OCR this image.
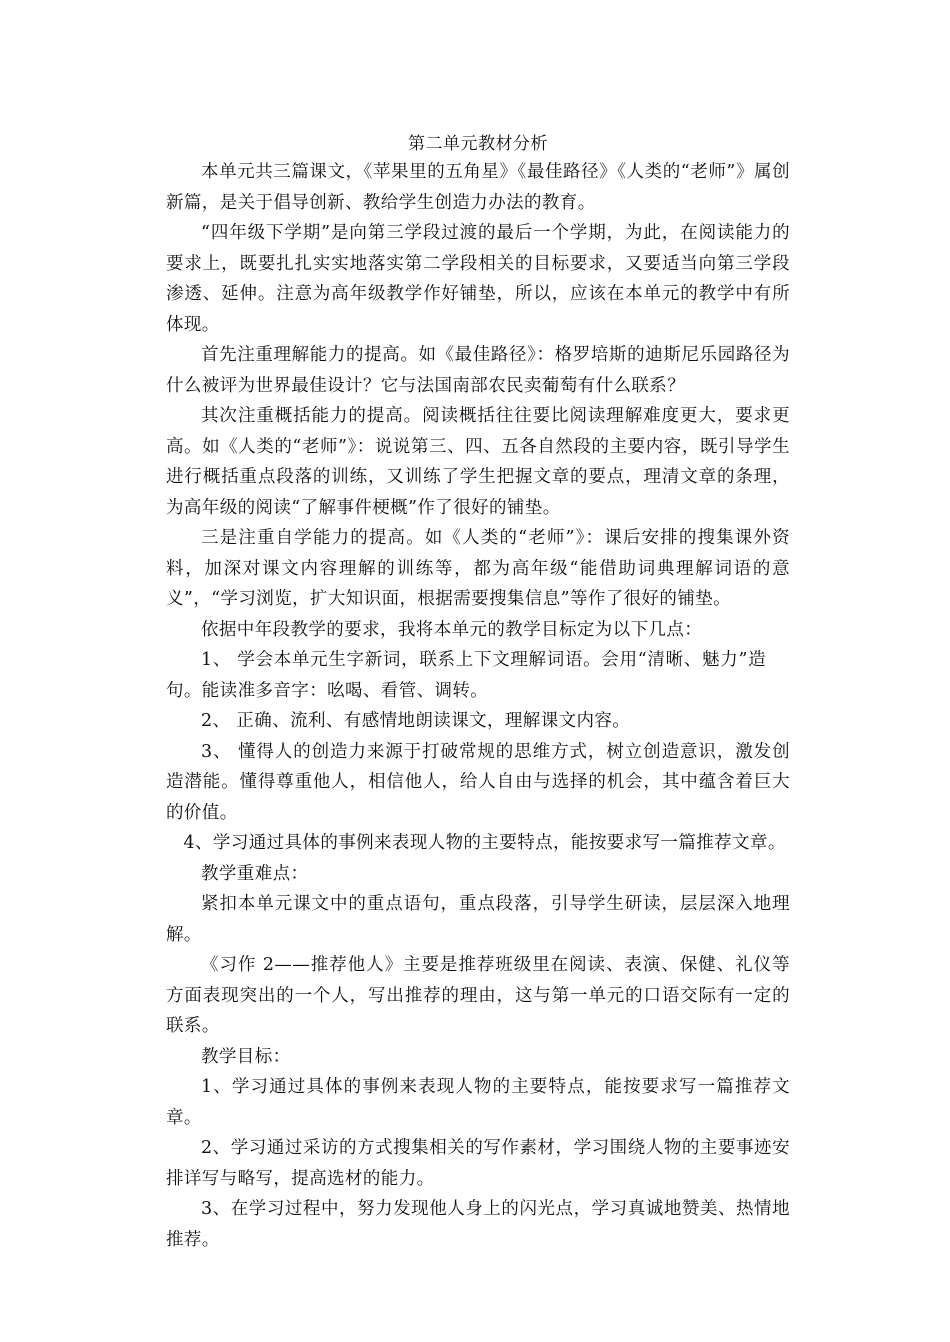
第二单元教材分析

本单元共三篇课文，《苹果里的五角星》《最佳路径》《人类的“老师”》属创新篇，是关于倡导创新、教给学生创造力办法的教育。

“四年级下学期”是向第三学段过渡的最后一个学期，为此，在阅读能力的要求上，既要扎扎实实地落实第二学段相关的目标要求，又要适当向第三学段渗透、延伸。注意为高年级教学作好铺垫，所以，应该在本单元的教学中有所体现。

首先注重理解能力的提高。如《最佳路径》：格罗培斯的迪斯尼乐园路径为什么被评为世界最佳设计？它与法国南部农民卖葡萄有什么联系？

其次注重概括能力的提高。阅读概括往往要比阅读理解难度更大，要求更高。如《人类的“老师”》：说说第三、四、五各自然段的主要内容，既引导学生进行概括重点段落的训练，又训练了学生把握文章的要点，理清文章的条理，为高年级的阅读“了解事件梗概”作了很好的铺垫。

三是注重自学能力的提高。如《人类的“老师”》：课后安排的搜集课外资料，加深对课文内容理解的训练等，都为高年级“能借助词典理解词语的意义”，“学习浏览，扩大知识面，根据需要搜集信息”等作了很好的铺垫。

依据中年段教学的要求，我将本单元的教学目标定为以下几点：

1、 学会本单元生字新词，联系上下文理解词语。会用“清晰、魅力”造句。能读准多音字：吆喝、看管、调转。

2、 正确、流利、有感情地朗读课文，理解课文内容。

3、 懂得人的创造力来源于打破常规的思维方式，树立创造意识，激发创造潜能。懂得尊重他人，相信他人，给人自由与选择的机会，其中蕴含着巨大的价值。

4、学习通过具体的事例来表现人物的主要特点，能按要求写一篇推荐文章。

教学重难点：

紧扣本单元课文中的重点语句，重点段落，引导学生研读，层层深入地理解。

《习作 2——推荐他人》主要是推荐班级里在阅读、表演、保健、礼仪等方面表现突出的一个人，写出推荐的理由，这与第一单元的口语交际有一定的联系。

教学目标：

1、学习通过具体的事例来表现人物的主要特点，能按要求写一篇推荐文章。

2、学习通过采访的方式搜集相关的写作素材，学习围绕人物的主要事迹安排详写与略写，提高选材的能力。

3、在学习过程中，努力发现他人身上的闪光点，学习真诚地赞美、热情地推荐。
